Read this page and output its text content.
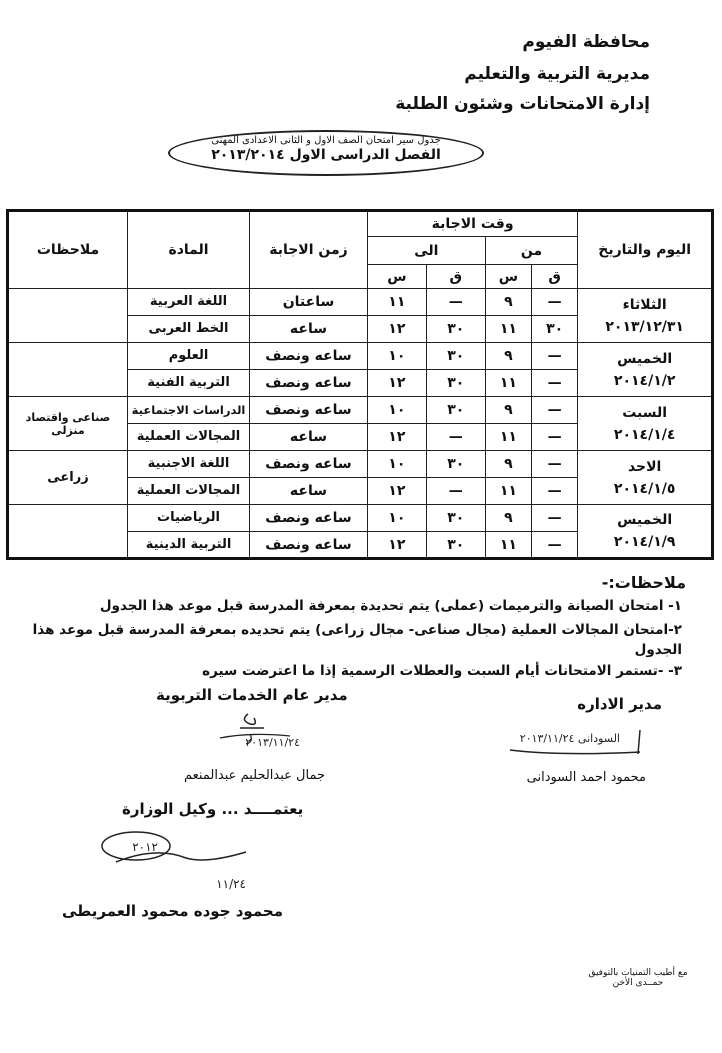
محافظة الفيوم
مديرية التربية والتعليم
إدارة الامتحانات وشئون الطلبة
جدول سير امتحان الصف الاول و الثانى الاعدادى المهنى
الفصل الدراسى الاول ٢٠١٣/٢٠١٤
اليوم والتاريخ	وقت الاجابة				زمن الاجابة	المادة	ملاحظات
	من		الى				
	ق	س	ق	س			

الثلاثاء
٢٠١٣/١٢/٣١	—	٩	—	١١	ساعتان	اللغة العربية	
	٣٠	١١	٣٠	١٢	ساعه	الخط العربى	

الخميس
٢٠١٤/١/٢	—	٩	٣٠	١٠	ساعه ونصف	العلوم	
	—	١١	٣٠	١٢	ساعه ونصف	التربية الفنية	

السبت
٢٠١٤/١/٤	—	٩	٣٠	١٠	ساعه ونصف	الدراسات الاجتماعية	صناعى واقتصاد منزلى
	—	١١	—	١٢	ساعه	المجالات العملية	

الاحد
٢٠١٤/١/٥	—	٩	٣٠	١٠	ساعه ونصف	اللغة الاجنبية	زراعى
	—	١١	—	١٢	ساعه	المجالات العملية	

الخميس
٢٠١٤/١/٩	—	٩	٣٠	١٠	ساعه ونصف	الرياضيات	
	—	١١	٣٠	١٢	ساعه ونصف	التربية الدينية	
ملاحظات:-
١- امتحان الصيانة والترميمات (عملى) يتم تحديدة بمعرفة المدرسة قبل موعد هذا الجدول
٢-امتحان المجالات العملية (مجال صناعى- مجال زراعى) يتم تحديده بمعرفة المدرسة قبل موعد هذا
الجدول
٣- -تستمر الامتحانات أيام السبت والعطلات الرسمية إذا ما اعترضت سيره
مدير عام الخدمات التربوية
٢٠١٣/١١/٢٤
جمال عبدالحليم عبدالمنعم
مدير الاداره
السودانى ٢٠١٣/١١/٢٤
محمود احمد السودانى
يعتمــــد ... وكيل الوزارة
٢٠١٢
١١/٢٤
محمود جوده محمود العمريطى
مع أطيب التمنيات بالتوفيق
حمــدى الأخن
